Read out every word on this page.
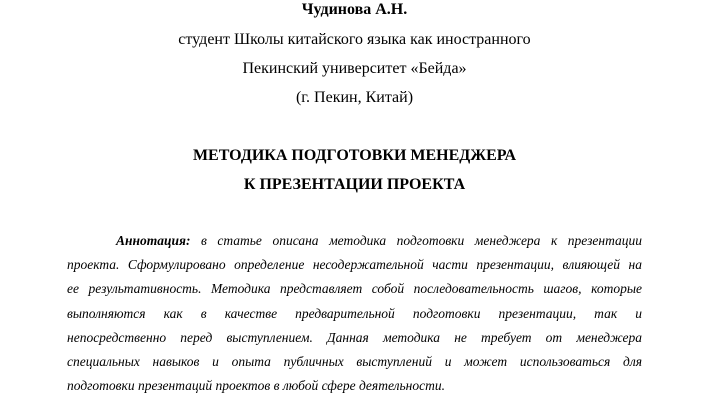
Чудинова А.Н.
студент Школы китайского языка как иностранного
Пекинский университет «Бейда»
(г. Пекин, Китай)
МЕТОДИКА ПОДГОТОВКИ МЕНЕДЖЕРА
К ПРЕЗЕНТАЦИИ ПРОЕКТА
Аннотация: в статье описана методика подготовки менеджера к презентации
проекта. Сформулировано определение несодержательной части презентации, влияющей на
ее результативность. Методика представляет собой последовательность шагов, которые
выполняются как в качестве предварительной подготовки презентации, так и
непосредственно перед выступлением. Данная методика не требует от менеджера
специальных навыков и опыта публичных выступлений и может использоваться для
подготовки презентаций проектов в любой сфере деятельности.
